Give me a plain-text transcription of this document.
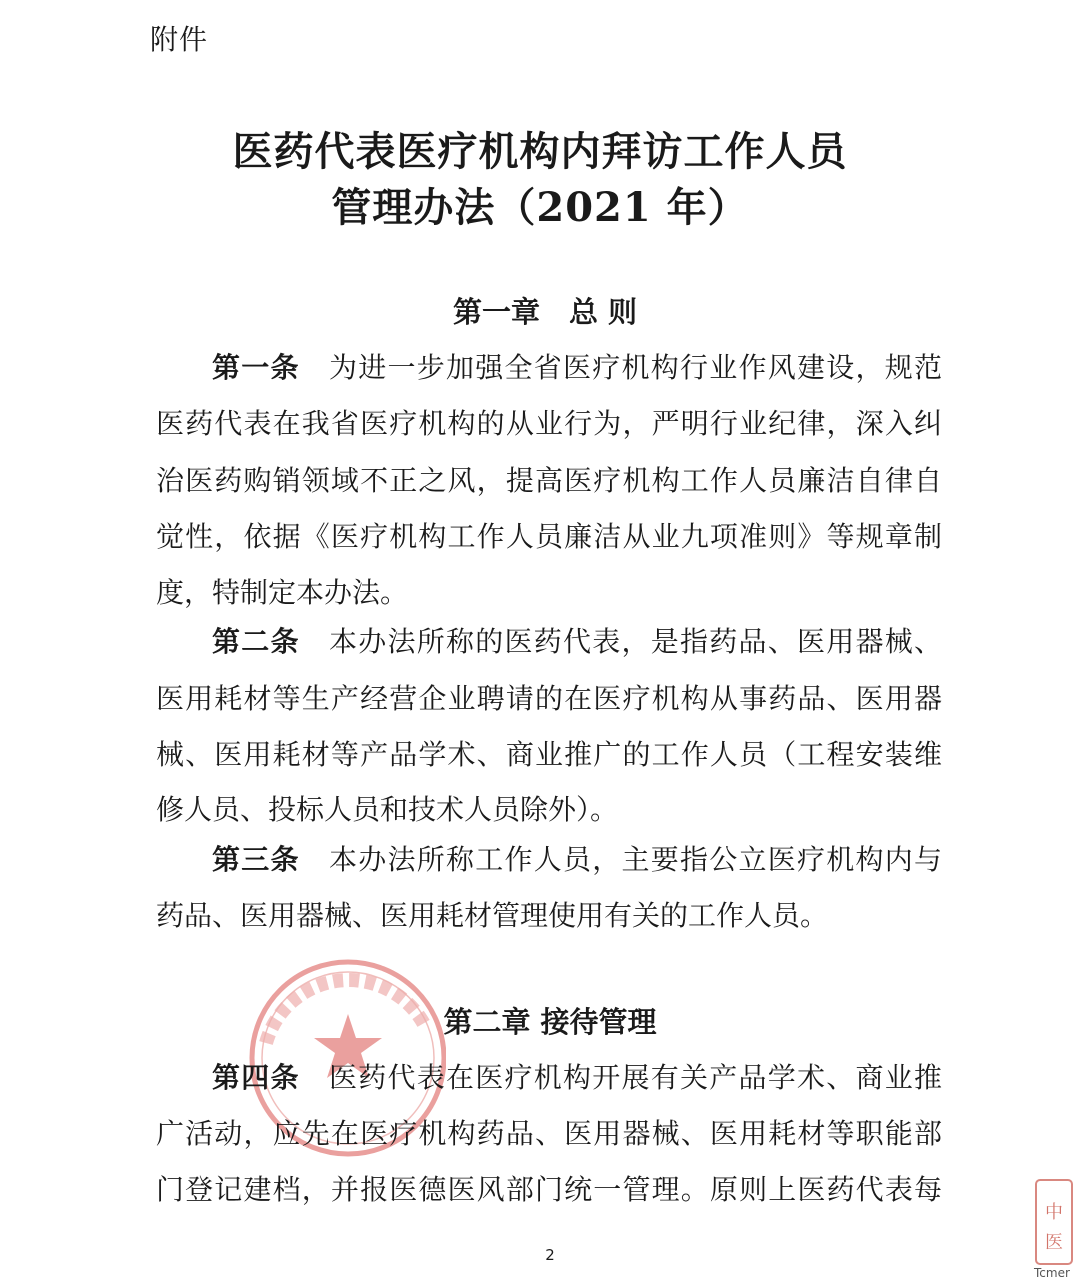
附件
医药代表医疗机构内拜访工作人员
管理办法（2021 年）
第一章　总 则
第一条　 为进一步加强全省医疗机构行业作风建设，规范
医药代表在我省医疗机构的从业行为，严明行业纪律，深入纠
治医药购销领域不正之风，提高医疗机构工作人员廉洁自律自
觉性，依据《医疗机构工作人员廉洁从业九项准则》等规章制
度，特制定本办法。
第二条　 本办法所称的医药代表，是指药品、医用器械、
医用耗材等生产经营企业聘请的在医疗机构从事药品、医用器
械、医用耗材等产品学术、商业推广的工作人员（工程安装维
修人员、投标人员和技术人员除外）。
第三条　 本办法所称工作人员，主要指公立医疗机构内与
药品、医用器械、医用耗材管理使用有关的工作人员。
第二章 接待管理
第四条　 医药代表在医疗机构开展有关产品学术、商业推
广活动，应先在医疗机构药品、医用器械、医用耗材等职能部
门登记建档，并报医德医风部门统一管理。原则上医药代表每
2
中
医
Tcmer
